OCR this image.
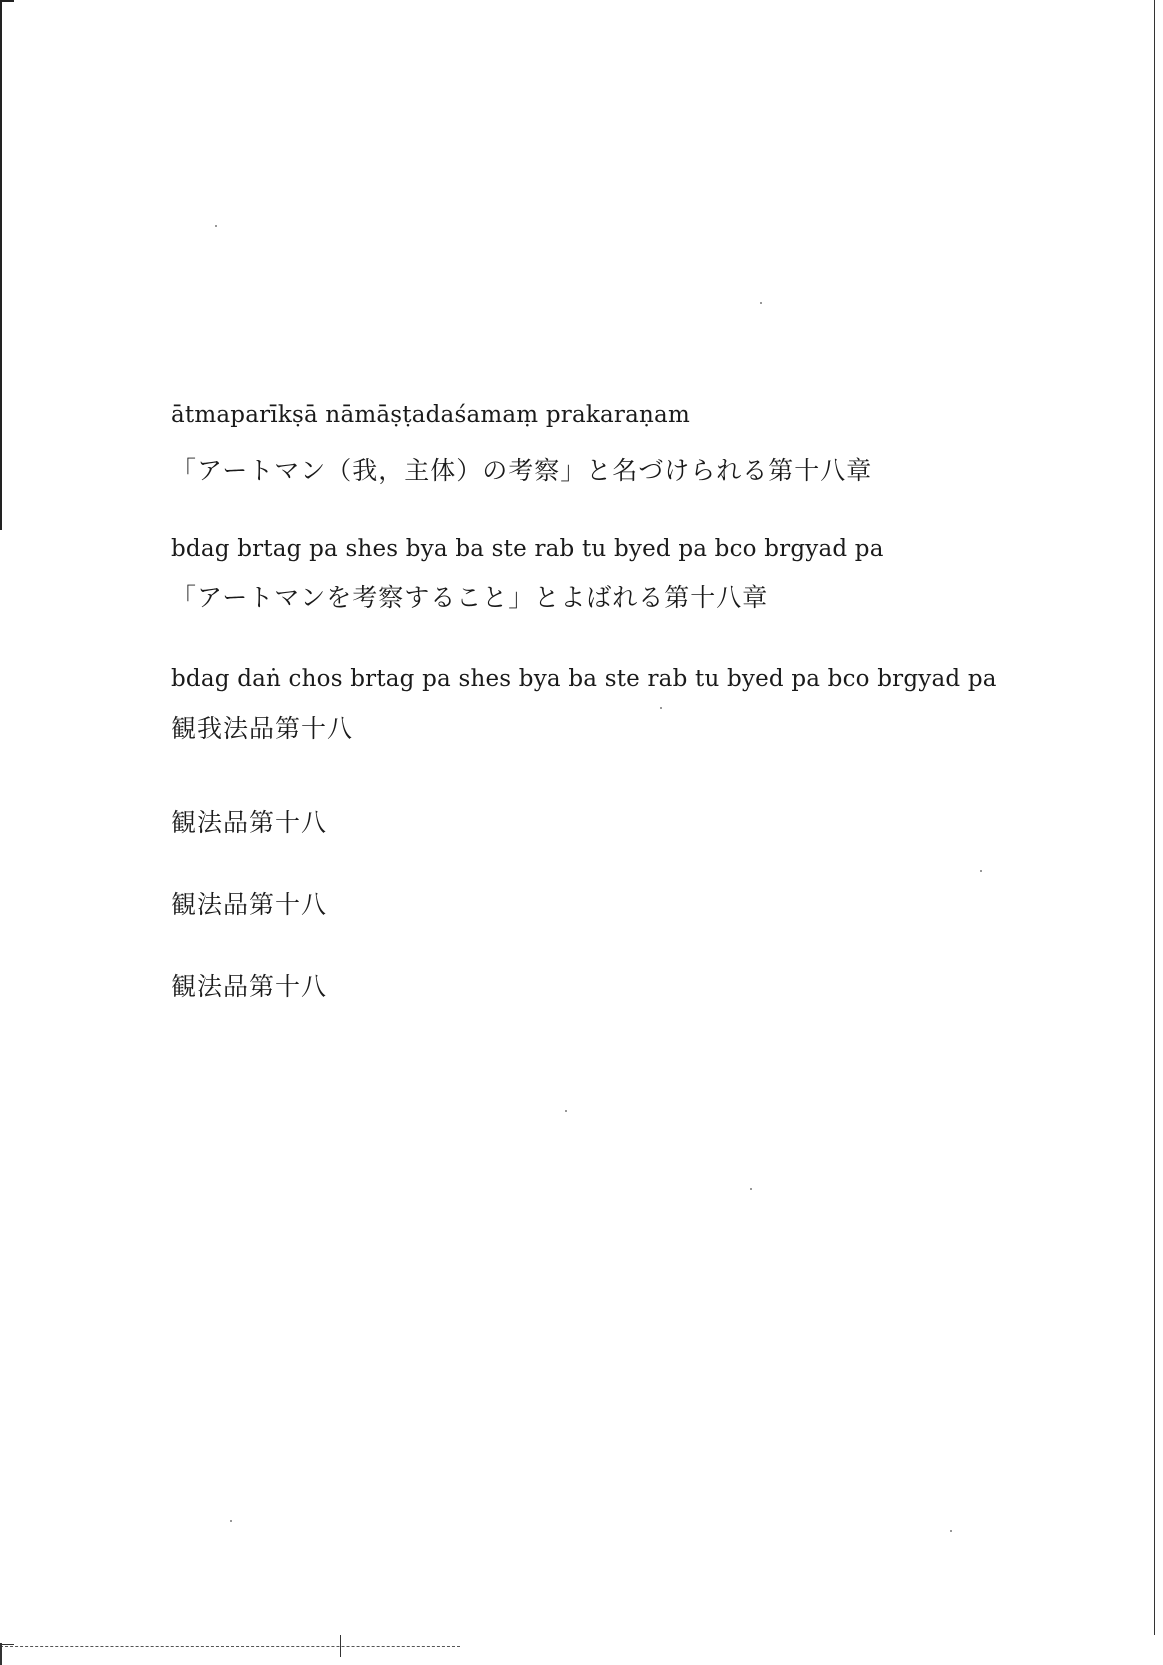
ātmaparīkṣā nāmāṣṭadaśamaṃ prakaraṇam
「アートマン（我，主体）の考察」と名づけられる第十八章
bdag brtag pa shes bya ba ste rab tu byed pa bco brgyad pa
「アートマンを考察すること」とよばれる第十八章
bdag daṅ chos brtag pa shes bya ba ste rab tu byed pa bco brgyad pa
観我法品第十八
観法品第十八
観法品第十八
観法品第十八
